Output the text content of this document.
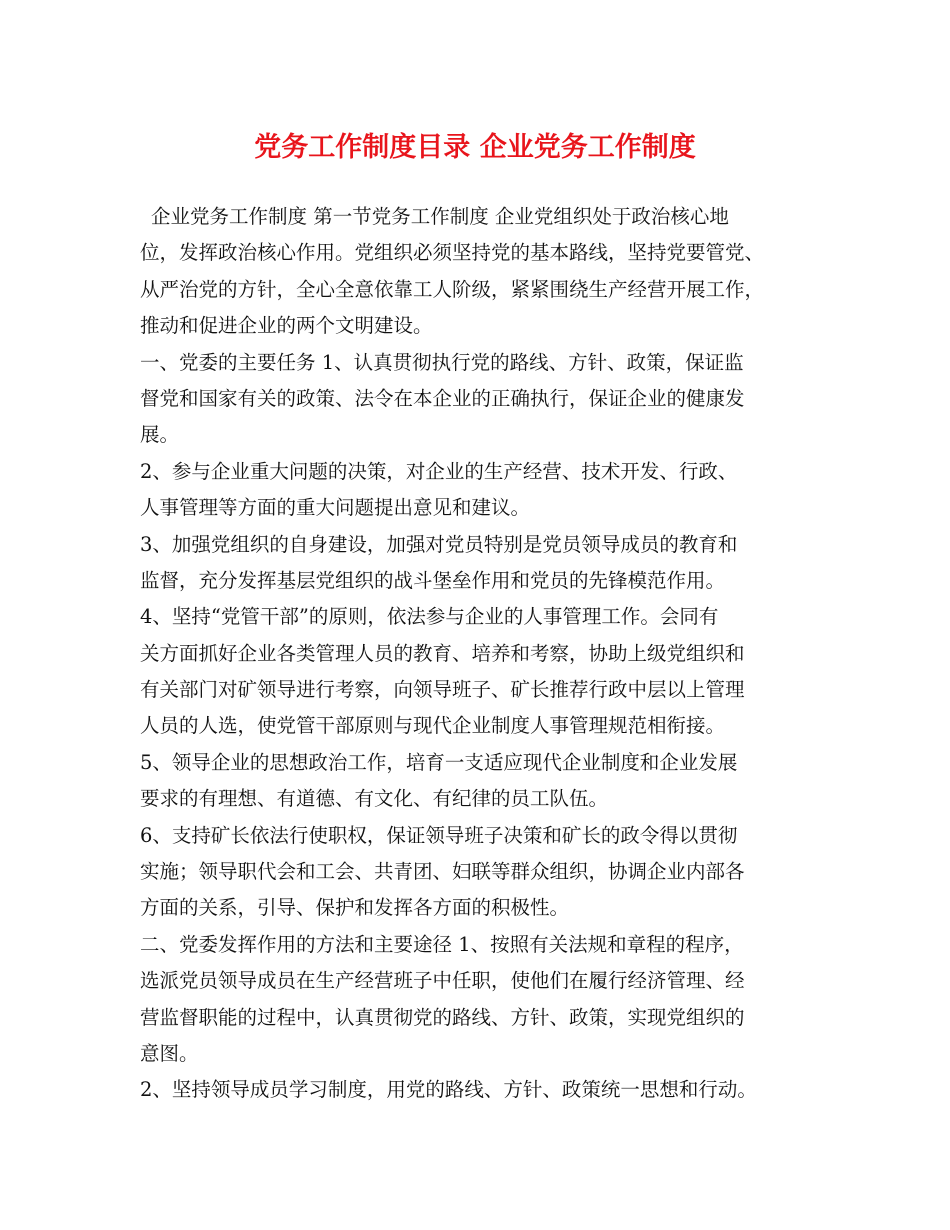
党务工作制度目录 企业党务工作制度
企业党务工作制度 第一节党务工作制度 企业党组织处于政治核心地
位，发挥政治核心作用。党组织必须坚持党的基本路线，坚持党要管党、
从严治党的方针，全心全意依靠工人阶级，紧紧围绕生产经营开展工作，
推动和促进企业的两个文明建设。
一、党委的主要任务 1、认真贯彻执行党的路线、方针、政策，保证监
督党和国家有关的政策、法令在本企业的正确执行，保证企业的健康发
展。
2、参与企业重大问题的决策，对企业的生产经营、技术开发、行政、
人事管理等方面的重大问题提出意见和建议。
3、加强党组织的自身建设，加强对党员特别是党员领导成员的教育和
监督，充分发挥基层党组织的战斗堡垒作用和党员的先锋模范作用。
4、坚持“党管干部”的原则，依法参与企业的人事管理工作。会同有
关方面抓好企业各类管理人员的教育、培养和考察，协助上级党组织和
有关部门对矿领导进行考察，向领导班子、矿长推荐行政中层以上管理
人员的人选，使党管干部原则与现代企业制度人事管理规范相衔接。
5、领导企业的思想政治工作，培育一支适应现代企业制度和企业发展
要求的有理想、有道德、有文化、有纪律的员工队伍。
6、支持矿长依法行使职权，保证领导班子决策和矿长的政令得以贯彻
实施；领导职代会和工会、共青团、妇联等群众组织，协调企业内部各
方面的关系，引导、保护和发挥各方面的积极性。
二、党委发挥作用的方法和主要途径 1、按照有关法规和章程的程序，
选派党员领导成员在生产经营班子中任职，使他们在履行经济管理、经
营监督职能的过程中，认真贯彻党的路线、方针、政策，实现党组织的
意图。
2、坚持领导成员学习制度，用党的路线、方针、政策统一思想和行动。
